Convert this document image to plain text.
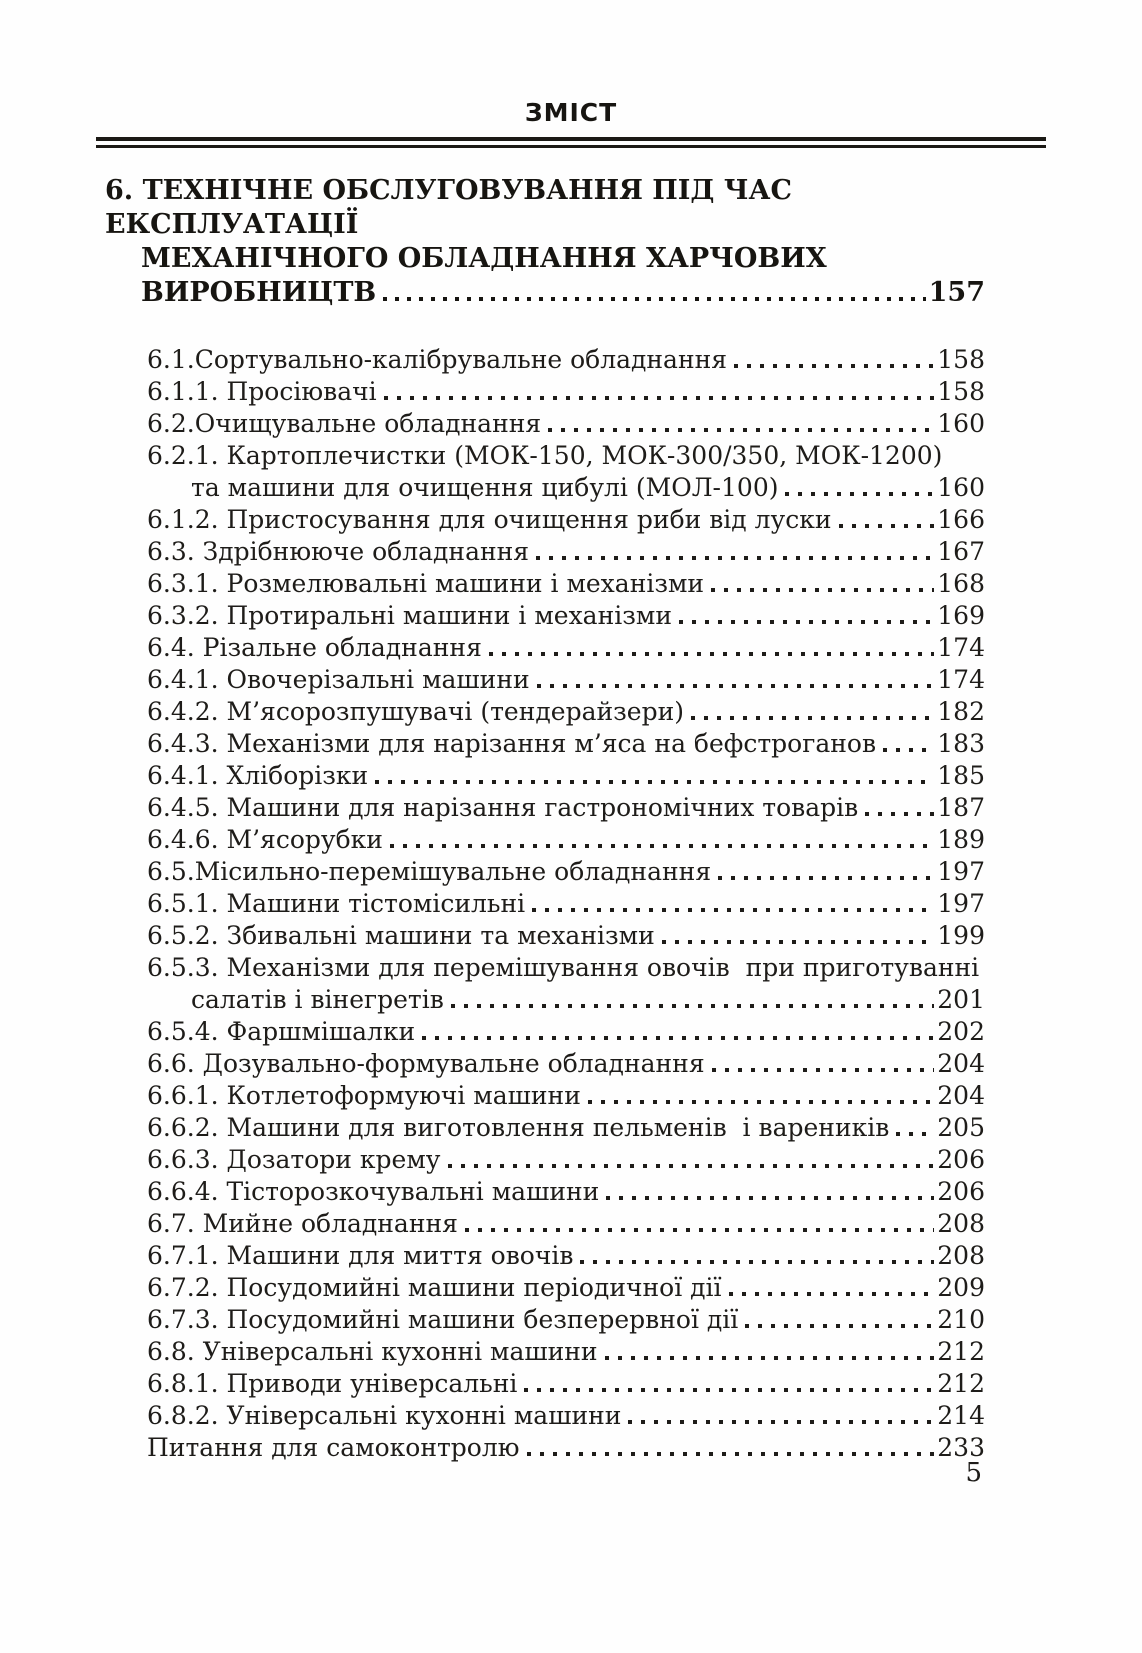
ЗМІСТ
6. ТЕХНІЧНЕ ОБСЛУГОВУВАННЯ ПІД ЧАС ЕКСПЛУАТАЦІЇ
МЕХАНІЧНОГО ОБЛАДНАННЯ ХАРЧОВИХ
ВИРОБНИЦТВ	157
6.1.Сортувально-калібрувальне обладнання	158
6.1.1. Просіювачі	158
6.2.Очищувальне обладнання	160
6.2.1. Картоплечистки (МОК-150, МОК-300/350, МОК-1200)
та машини для очищення цибулі (МОЛ-100)	160
6.1.2. Пристосування для очищення риби від луски	166
6.3. Здрібнююче обладнання	167
6.3.1. Розмелювальні машини і механізми	168
6.3.2. Протиральні машини і механізми	169
6.4. Різальне обладнання	174
6.4.1. Овочерізальні машини	174
6.4.2. М’ясорозпушувачі (тендерайзери)	182
6.4.3. Механізми для нарізання м’яса на бефстроганов 183
6.4.1. Хліборізки	185
6.4.5. Машини для нарізання гастрономічних товарів	187
6.4.6. М’ясорубки	189
6.5.Місильно-перемішувальне обладнання	197
6.5.1. Машини тістомісильні	197
6.5.2. Збивальні машини та механізми	199
6.5.3. Механізми для перемішування овочів  при приготуванні
салатів і вінегретів	201
6.5.4. Фаршмішалки	202
6.6. Дозувально-формувальне обладнання	204
6.6.1. Котлетоформуючі машини	204
6.6.2. Машини для виготовлення пельменів  і вареників 205
6.6.3. Дозатори крему	206
6.6.4. Тісторозкочувальні машини	206
6.7. Мийне обладнання	208
6.7.1. Машини для миття овочів	208
6.7.2. Посудомийні машини періодичної дії	209
6.7.3. Посудомийні машини безперервної дії	210
6.8. Універсальні кухонні машини	212
6.8.1. Приводи універсальні	212
6.8.2. Універсальні кухонні машини	214
Питання для самоконтролю	233
5
